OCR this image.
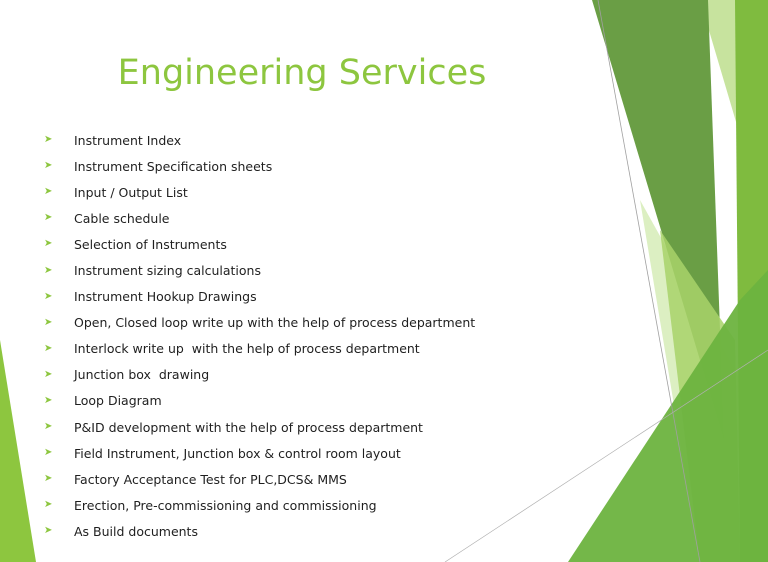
Engineering Services
➤	Instrument Index
➤	Instrument Specification sheets
➤	Input / Output List
➤	Cable schedule
➤	Selection of Instruments
➤	Instrument sizing calculations
➤	Instrument Hookup Drawings
➤	Open, Closed loop write up with the help of process department
➤	Interlock write up  with the help of process department
➤	Junction box  drawing
➤	Loop Diagram
➤	P&ID development with the help of process department
➤	Field Instrument, Junction box & control room layout
➤	Factory Acceptance Test for PLC,DCS& MMS
➤	Erection, Pre-commissioning and commissioning
➤	As Build documents
